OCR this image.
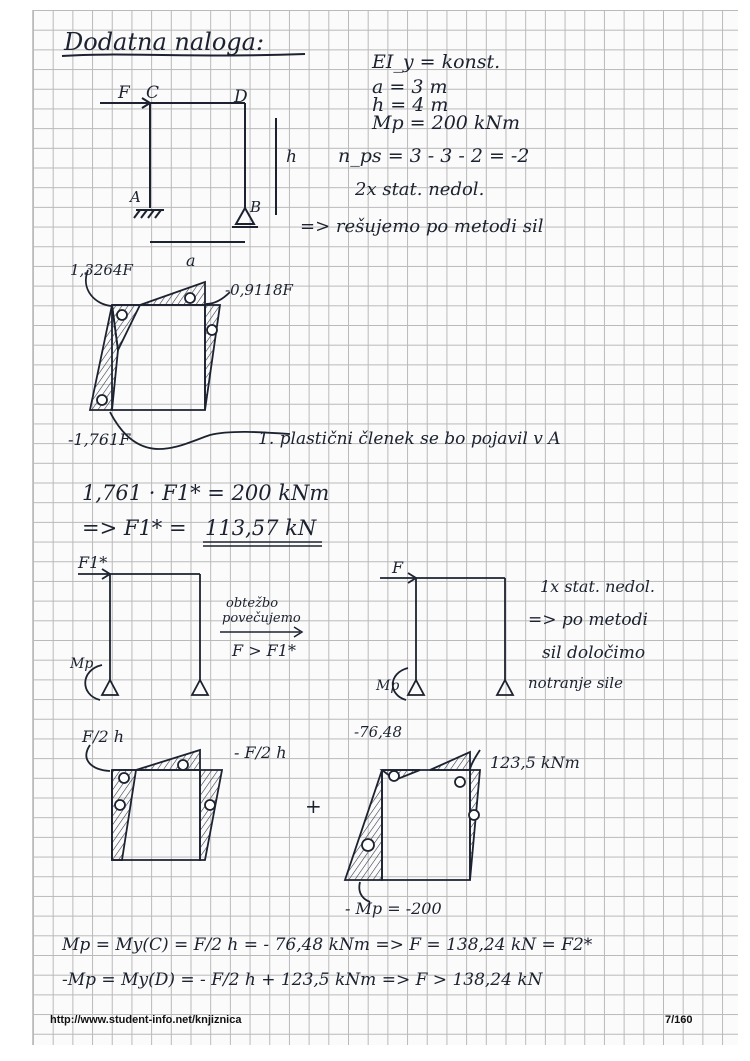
Dodatna naloga:
EI_y = konst.
a = 3 m
h = 4 m
Mp = 200 kNm
F C	D
A
B
h
a
n_ps = 3 - 3 - 2 = -2
2x stat. nedol.
=> rešujemo po metodi sil
1,3264F
-0,9118F
-1,761F	1. plastični členek se bo pojavil v A
1,761 · F1* = 200 kNm
=> F1* = 113,57 kN
F1*
Mp
obtežbo
povečujemo
F > F1*
F
Mp
1x stat. nedol.
=> po metodi
sil določimo
notranje sile
F/2 h
- F/2 h
+
-76,48
123,5 kNm
- Mp = -200
Mp = My(C) = F/2 h = - 76,48 kNm => F = 138,24 kN = F2*
-Mp = My(D) = - F/2 h + 123,5 kNm => F > 138,24 kN
http://www.student-info.net/knjiznica	7/160
